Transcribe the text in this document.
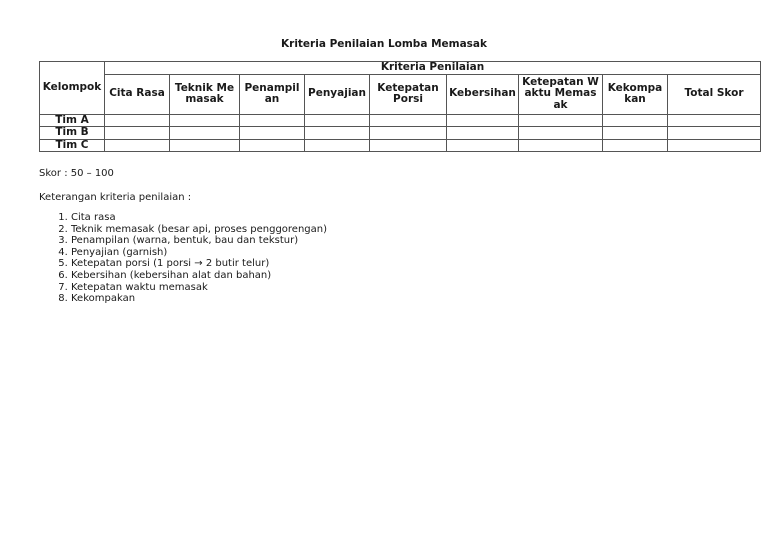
Kriteria Penilaian Lomba Memasak
Kelompok	Kriteria Penilaian								
	Cita Rasa	Teknik Memasak	Penampilan	Penyajian	Ketepatan Porsi	Kebersihan	Ketepatan Waktu Memasak	Kekompakan	Total Skor
Tim A									
Tim B									
Tim C									
Skor : 50 – 100
Keterangan kriteria penilaian :
1. Cita rasa
2. Teknik memasak (besar api, proses penggorengan)
3. Penampilan (warna, bentuk, bau dan tekstur)
4. Penyajian (garnish)
5. Ketepatan porsi (1 porsi → 2 butir telur)
6. Kebersihan (kebersihan alat dan bahan)
7. Ketepatan waktu memasak
8. Kekompakan
